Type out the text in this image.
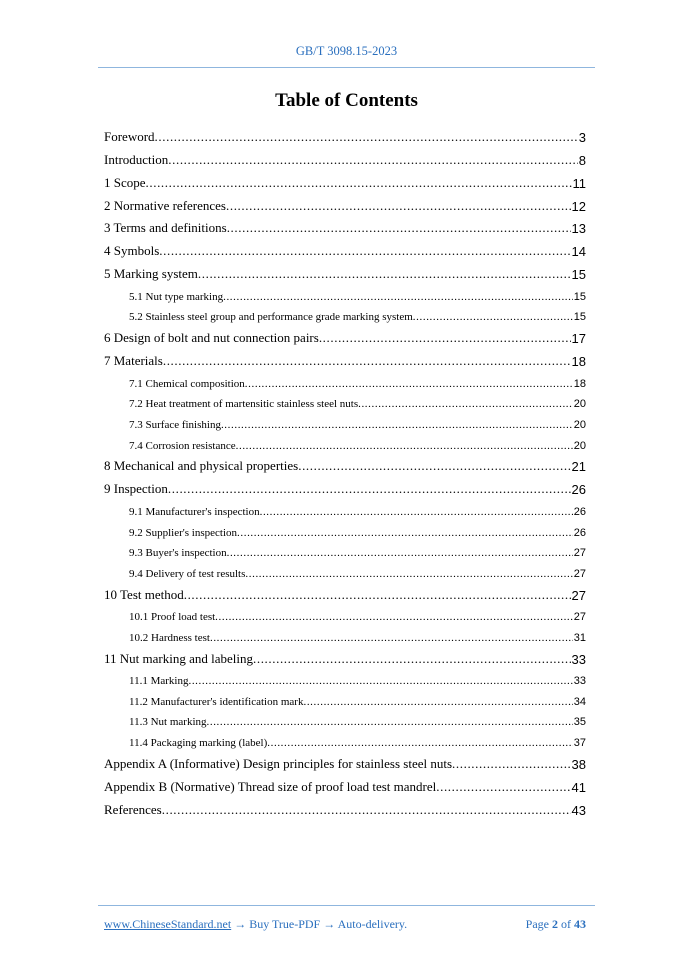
GB/T 3098.15-2023
Table of Contents
Foreword .....	3
Introduction .....	8
1 Scope .....	11
2 Normative references .....	12
3 Terms and definitions .....	13
4 Symbols .....	14
5 Marking system .....	15
5.1 Nut type marking .....	15
5.2 Stainless steel group and performance grade marking system .....	15
6 Design of bolt and nut connection pairs .....	17
7 Materials .....	18
7.1 Chemical composition .....	18
7.2 Heat treatment of martensitic stainless steel nuts .....	20
7.3 Surface finishing .....	20
7.4 Corrosion resistance .....	20
8 Mechanical and physical properties .....	21
9 Inspection .....	26
9.1 Manufacturer's inspection .....	26
9.2 Supplier's inspection .....	26
9.3 Buyer's inspection .....	27
9.4 Delivery of test results .....	27
10 Test method .....	27
10.1 Proof load test .....	27
10.2 Hardness test .....	31
11 Nut marking and labeling .....	33
11.1 Marking .....	33
11.2 Manufacturer's identification mark .....	34
11.3 Nut marking .....	35
11.4 Packaging marking (label) .....	37
Appendix A (Informative) Design principles for stainless steel nuts .....	38
Appendix B (Normative) Thread size of proof load test mandrel .....	41
References .....	43
www.ChineseStandard.net → Buy True-PDF → Auto-delivery.	Page 2 of 43
